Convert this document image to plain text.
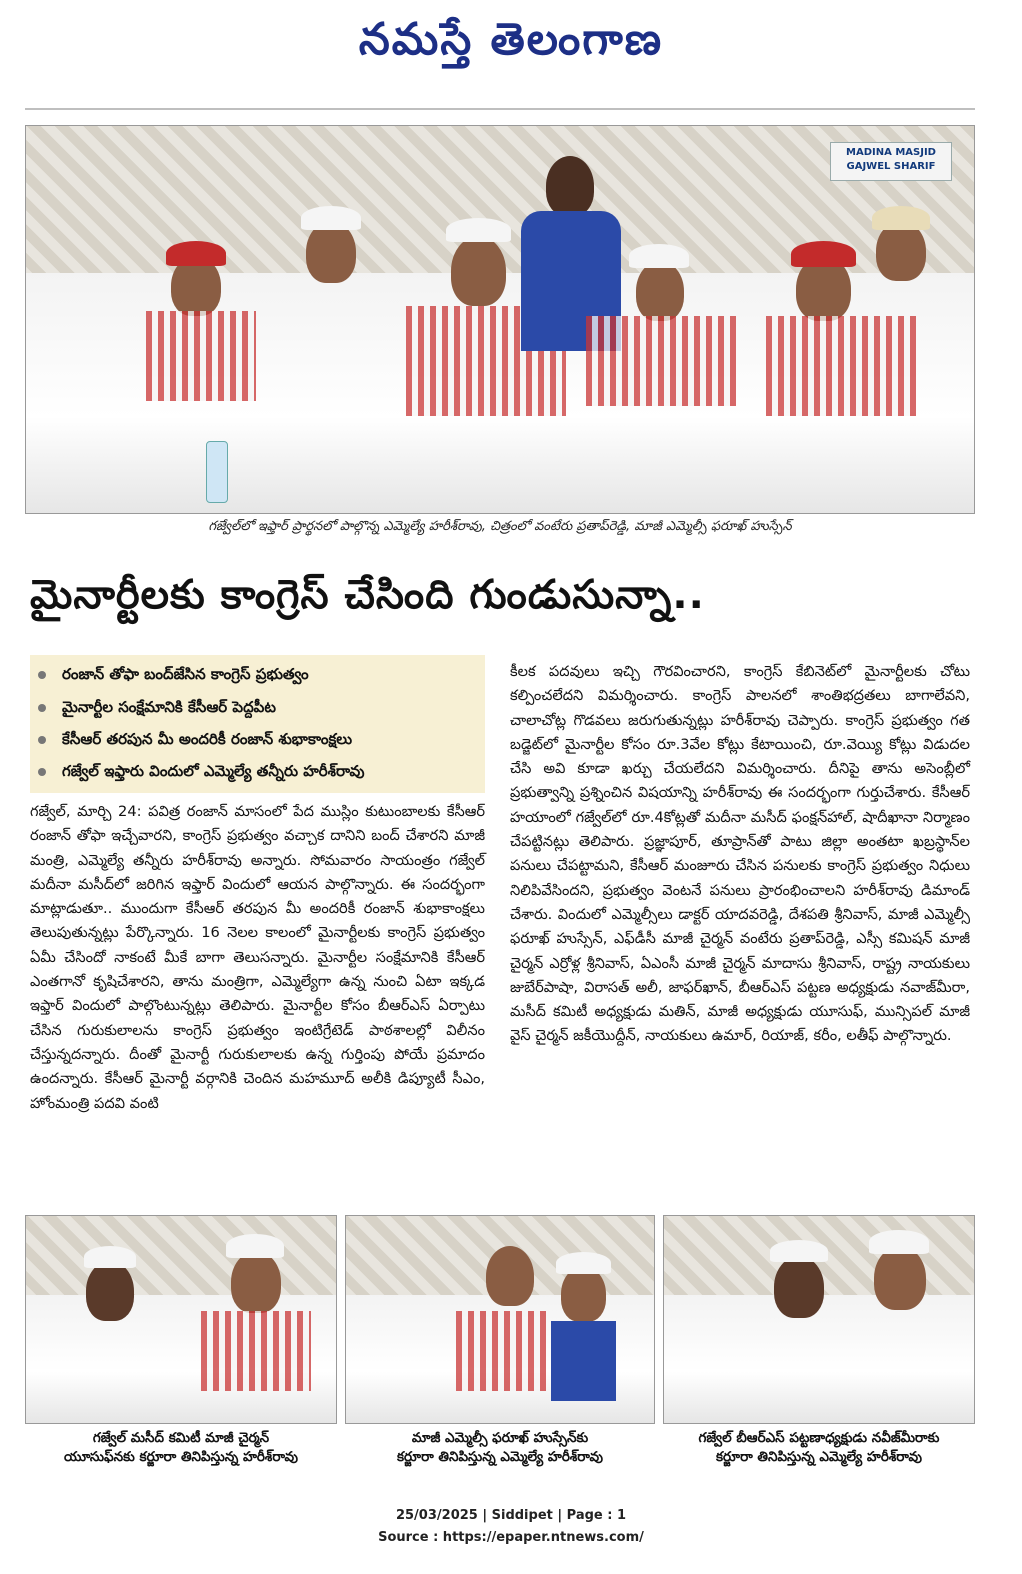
నమస్తే తెలంగాణ
MADINA MASJID
GAJWEL SHARIF
గజ్వేల్‌లో ఇఫ్తార్ ప్రార్థనలో పాల్గొన్న ఎమ్మెల్యే హరీశ్‌రావు, చిత్రంలో వంటేరు ప్రతాప్‌రెడ్డి, మాజీ ఎమ్మెల్సీ ఫరూఖ్ హుస్సేన్
మైనార్టీలకు కాంగ్రెస్ చేసింది గుండుసున్నా..
రంజాన్ తోఫా బంద్‌జేసిన కాంగ్రెస్ ప్రభుత్వం
మైనార్టీల సంక్షేమానికి కేసీఆర్ పెద్దపీట
కేసీఆర్ తరపున మీ అందరికీ రంజాన్ శుభాకాంక్షలు
గజ్వేల్ ఇఫ్తారు విందులో ఎమ్మెల్యే తన్నీరు హరీశ్‌రావు

గజ్వేల్, మార్చి 24: పవిత్ర రంజాన్ మాసంలో పేద ముస్లిం కుటుంబాలకు కేసీఆర్ రంజాన్ తోఫా ఇచ్చేవారని, కాంగ్రెస్ ప్రభుత్వం వచ్చాక దానిని బంద్ చేశారని మాజీ మంత్రి, ఎమ్మెల్యే తన్నీరు హరీశ్‌రావు అన్నారు. సోమవారం సాయంత్రం గజ్వేల్ మదీనా మసీద్‌లో జరిగిన ఇఫ్తార్ విందులో ఆయన పాల్గొన్నారు. ఈ సందర్భంగా మాట్లాడుతూ.. ముందుగా కేసీఆర్ తరపున మీ అందరికీ రంజాన్ శుభాకాంక్షలు తెలుపుతున్నట్లు పేర్కొన్నారు. 16 నెలల కాలంలో మైనార్టీలకు కాంగ్రెస్ ప్రభుత్వం ఏమీ చేసిందో నాకంటే మీకే బాగా తెలుసన్నారు. మైనార్టీల సంక్షేమానికి కేసీఆర్ ఎంతగానో కృషిచేశారని, తాను మంత్రిగా, ఎమ్మెల్యేగా ఉన్న నుంచి ఏటా ఇక్కడ ఇఫ్తార్ విందులో పాల్గొంటున్నట్లు తెలిపారు. మైనార్టీల కోసం బీఆర్‌ఎస్ ఏర్పాటు చేసిన గురుకులాలను కాంగ్రెస్ ప్రభుత్వం ఇంటిగ్రేటెడ్ పాఠశాలల్లో విలీనం చేస్తున్నదన్నారు. దీంతో మైనార్టీ గురుకులాలకు ఉన్న గుర్తింపు పోయే ప్రమాదం ఉందన్నారు. కేసీఆర్ మైనార్టీ వర్గానికి చెందిన మహమూద్ అలీకి డిప్యూటీ సీఎం, హోంమంత్రి పదవి వంటి

కీలక పదవులు ఇచ్చి గౌరవించారని, కాంగ్రెస్ కేబినెట్‌లో మైనార్టీలకు చోటు కల్పించలేదని విమర్శించారు. కాంగ్రెస్ పాలనలో శాంతిభద్రతలు బాగాలేవని, చాలాచోట్ల గొడవలు జరుగుతున్నట్లు హరీశ్‌రావు చెప్పారు. కాంగ్రెస్ ప్రభుత్వం గత బడ్జెట్‌లో మైనార్టీల కోసం రూ.3వేల కోట్లు కేటాయించి, రూ.వెయ్యి కోట్లు విడుదల చేసి అవి కూడా ఖర్చు చేయలేదని విమర్శించారు. దీనిపై తాను అసెంబ్లీలో ప్రభుత్వాన్ని ప్రశ్నించిన విషయాన్ని హరీశ్‌రావు ఈ సందర్భంగా గుర్తుచేశారు. కేసీఆర్ హయాంలో గజ్వేల్‌లో రూ.4కోట్లతో మదీనా మసీద్ ఫంక్షన్‌హాల్, షాదీఖానా నిర్మాణం చేపట్టినట్లు తెలిపారు. ప్రజ్ఞాపూర్, తూప్రాన్‌తో పాటు జిల్లా అంతటా ఖబ్రస్థాన్‌ల పనులు చేపట్టామని, కేసీఆర్ మంజూరు చేసిన పనులకు కాంగ్రెస్ ప్రభుత్వం నిధులు నిలిపివేసిందని, ప్రభుత్వం వెంటనే పనులు ప్రారంభించాలని హరీశ్‌రావు డిమాండ్ చేశారు. విందులో ఎమ్మెల్సీలు డాక్టర్ యాదవరెడ్డి, దేశపతి శ్రీనివాస్, మాజీ ఎమ్మెల్సీ ఫరూఖ్ హుస్సేన్, ఎఫ్‌డీసీ మాజీ చైర్మన్ వంటేరు ప్రతాప్‌రెడ్డి, ఎస్సీ కమిషన్ మాజీ చైర్మన్ ఎర్రోళ్ల శ్రీనివాస్, ఏఎంసీ మాజీ చైర్మన్ మాదాసు శ్రీనివాస్, రాష్ట్ర నాయకులు జుబేర్‌పాషా, విరాసత్ అలీ, జాఫర్‌ఖాన్, బీఆర్‌ఎస్ పట్టణ అధ్యక్షుడు నవాజ్‌మీరా, మసీద్ కమిటీ అధ్యక్షుడు మతిన్, మాజీ అధ్యక్షుడు యూసుఫ్, మున్సిపల్ మాజీ వైస్ చైర్మన్ జకీయొద్దీన్, నాయకులు ఉమార్, రియాజ్, కరీం, లతీఫ్ పాల్గొన్నారు.

గజ్వేల్ మసీద్ కమిటీ మాజీ చైర్మన్
యూసుఫ్‌నకు కర్జూరా తినిపిస్తున్న హరీశ్‌రావు
మాజీ ఎమ్మెల్సీ ఫరూఖ్ హుస్సేన్‌కు
కర్జూరా తినిపిస్తున్న ఎమ్మెల్యే హరీశ్‌రావు
గజ్వేల్ బీఆర్‌ఎస్ పట్టణాధ్యక్షుడు నవీజ్‌మీరాకు
కర్జూరా తినిపిస్తున్న ఎమ్మెల్యే హరీశ్‌రావు
25/03/2025 | Siddipet | Page : 1
Source : https://epaper.ntnews.com/
